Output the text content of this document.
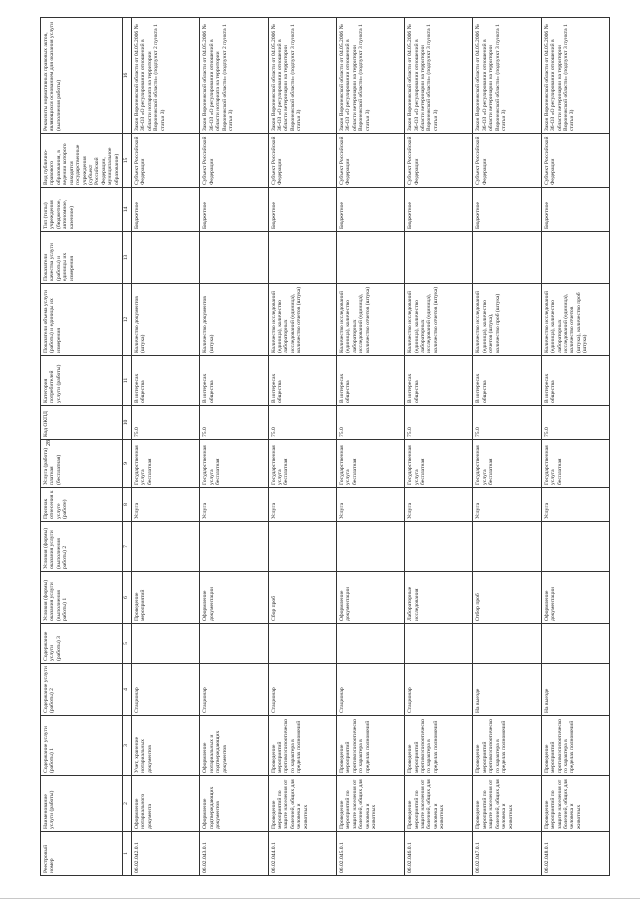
28
Реестровый номер	Наименование услуги (работы)	Содержание услуги (работы) 1	Содержание услуги (работы) 2	Содержание услуги (работы) 3	Условия (формы) оказания услуги (выполнения работы) 1	Условия (формы) оказания услуги (выполнения работы) 2	Признак отнесения к услуге (работе)	Услуга (работа) платная (бесплатная)	Код ОКПД	Категория потребителей услуги (работы)	Показатели объема услуги (работы) и единицы их измерения	Показатели качества услуги (работы) и единицы их измерения	Тип (типы) учреждения (бюджетное, автономное, казенное)	Вид публично-правового образования, в ведении которого находятся государственные учреждения (субъект Российской Федерации, муниципальное образование)	Реквизиты нормативных правовых актов, являющихся основанием для оказания услуги (выполнения работы)
1	2	3	4	5	6	7	8	9	10	11	12	13	14	15	16
06.02.042.0.1	Оформление нотариального документа	Учет, хранение нотариальных документов	Стационар		Проведение мероприятий		Услуга	Государственная услуга бесплатная	75.0	В интересах общества	Количество документов (штука)		Бюджетное	Субъект Российской Федерации	Закон Воронежской области от 04.05.2006 № 36-ОЗ «О регулировании отношений в области нотариата на территории Воронежской области» (подпункт 2 пункта 1 статьи 3)
06.02.043.0.1	Оформление подтверждающих документов	Оформление нотариальных и подтверждающих документов	Стационар		Оформление документации		Услуга	Государственная услуга бесплатная	75.0	В интересах общества	Количество документов (штука)		Бюджетное	Субъект Российской Федерации	Закон Воронежской области от 04.05.2006 № 36-ОЗ «О регулировании отношений в области нотариата на территории Воронежской области» (подпункт 2 пункта 1 статьи 3)
06.02.044.0.1	Проведение мероприятий по защите населения от болезней, общих для человека и животных	Проведение мероприятий противоэпизоотического характера в пределах полномочий	Стационар		Сбор проб		Услуга	Государственная услуга бесплатная	75.0	В интересах общества	Количество исследований (единица), количество лабораторных исследований (единица), количество отчетов (штука)		Бюджетное	Субъект Российской Федерации	Закон Воронежской области от 04.05.2006 № 36-ОЗ «О регулировании отношений в области ветеринарии на территории Воронежской области» (подпункт 3 пункта 1 статьи 3)
06.02.045.0.1	Проведение мероприятий по защите населения от болезней, общих для человека и животных	Проведение мероприятий противоэпизоотического характера в пределах полномочий	Стационар		Оформление документации		Услуга	Государственная услуга бесплатная	75.0	В интересах общества	Количество исследований (единица), количество лабораторных исследований (единица), количество отчетов (штука)		Бюджетное	Субъект Российской Федерации	Закон Воронежской области от 04.05.2006 № 36-ОЗ «О регулировании отношений в области ветеринарии на территории Воронежской области» (подпункт 3 пункта 1 статьи 3)
06.02.046.0.1	Проведение мероприятий по защите населения от болезней, общих для человека и животных	Проведение мероприятий противоэпизоотического характера в пределах полномочий	Стационар		Лабораторные исследования		Услуга	Государственная услуга бесплатная	75.0	В интересах общества	Количество исследований (единица), количество лабораторных исследований (единица), количество отчетов (штука)		Бюджетное	Субъект Российской Федерации	Закон Воронежской области от 04.05.2006 № 36-ОЗ «О регулировании отношений в области ветеринарии на территории Воронежской области» (подпункт 3 пункта 1 статьи 3)
06.02.047.0.1	Проведение мероприятий по защите населения от болезней, общих для человека и животных	Проведение мероприятий противоэпизоотического характера в пределах полномочий	На выезде		Отбор проб		Услуга	Государственная услуга бесплатная	75.0	В интересах общества	Количество исследований (единица), количество отчетов (штука), количество проб (штука)		Бюджетное	Субъект Российской Федерации	Закон Воронежской области от 04.05.2006 № 36-ОЗ «О регулировании отношений в области ветеринарии на территории Воронежской области» (подпункт 3 пункта 1 статьи 3)
06.02.048.0.1	Проведение мероприятий по защите населения от болезней, общих для человека и животных	Проведение мероприятий противоэпизоотического характера в пределах полномочий	На выезде		Оформление документации		Услуга	Государственная услуга бесплатная	75.0	В интересах общества	Количество исследований (единица), количество лабораторных исследований (единица), количество отчетов (штука), количество проб (штука)		Бюджетное	Субъект Российской Федерации	Закон Воронежской области от 04.05.2006 № 36-ОЗ «О регулировании отношений в области ветеринарии на территории Воронежской области» (подпункт 3 пункта 1 статьи 3)
